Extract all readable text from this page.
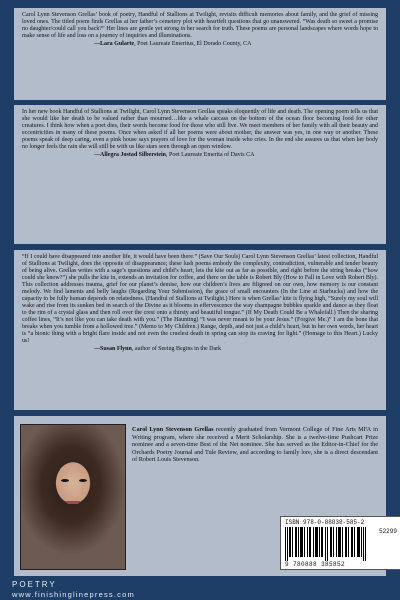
Carol Lynn Stevenson Grellas’ book of poetry, Handful of Stallions at Twilight, revisits difficult memories about family, and the grief of missing loved ones. The titled poem finds Grellas at her father’s cemetery plot with heartfelt questions that go unanswered. “Was death so sweet a promise no daughter/could call you back?” Her lines are gentle yet strong in her search for truth. These poems are personal landscapes where words hope to make sense of life and loss on a journey of inquiries and illuminations.

—Lara Gularte, Poet Laureate Emeritus, El Dorado County, CA

In her new book Handful of Stallions at Twilight, Carol Lynn Stevenson Grellas speaks eloquently of life and death. The opening poem tells us that she would like her death to be valued rather than mourned…like a whale carcass on the bottom of the ocean floor becoming food for other creatures. I think how when a poet dies, their words become food for those who still live. We meet members of her family with all their beauty and eccentricities in many of these poems. Once when asked if all her poems were about mother, the answer was yes, in one way or another. These poems speak of deep caring, even a pink house says prayers of love for the woman inside who cries. In the end she assures us that when her body no longer feels the rain she will still be with us like stars seen through an open window.

—Allegra Jostad Silberstein, Poet Laureate Emerita of Davis CA

“If I could have disappeared into another life, it would have been there.” (Save Our Souls) Carol Lynn Stevenson Grellas’ latest collection, Handful of Stallions at Twilight, does the opposite of disappearance; these lush poems embody the complexity, contradiction, vulnerable and tender beauty of being alive. Grellas writes with a sage’s questions and child’s heart, lets the kite out as far as possible, and right before the string breaks (“how could she know?”) she pulls the kite in, extends an invitation for coffee, and there on the table is Robert Bly (How to Fall in Love with Robert Bly). This collection addresses trauma, grief for our planet’s demise, how our children’s lives are filigreed on our own, how memory is our constant melody. We find laments and belly laughs (Regarding Your Submission), the grace of small encounters (In the Line at Starbucks) and how the capacity to be fully human depends on relatedness. (Handful of Stallions at Twilight.) Here is when Grellas’ kite is flying high, “Surely my soul will wake and rise from its sunken bed in search of the Divine as it blooms in effervescence the way champagne bubbles sparkle and dance as they float to the rim of a crystal glass and then roll over the crest onto a thirsty and beautiful tongue.” (If My Death Could Be a Whalefall.) Then the sharing coffee lines, “It’s not like you can take death with you.” (The Haunting) “I was never meant to be your Jesus.” (Forgive Me.)” I am the bone that breaks when you tumble from a hollowed tree.” (Memo to My Children.) Range, depth, and not just a child’s heart, but in her own words, her heart is “a bionic thing with a bright flare inside and not even the cruelest death in spring can stop its craving for light.” (Homage to this Heart.) Lucky us!

—Susan Flynn, author of Seeing Begins in the Dark
Carol Lynn Stevenson Grellas recently graduated from Vermont College of Fine Arts MFA in Writing program, where she received a Merit Scholarship. She is a twelve-time Pushcart Prize nominee and a seven-time Best of the Net nominee. She has served as the Editor-in-Chief for the Orchards Poetry Journal and Tule Review, and according to family lore, she is a direct descendant of Robert Louis Stevenson.
ISBN 978-0-88838-585-2
52299
9 780888 385852
POETRY
www.finishinglinepress.com
